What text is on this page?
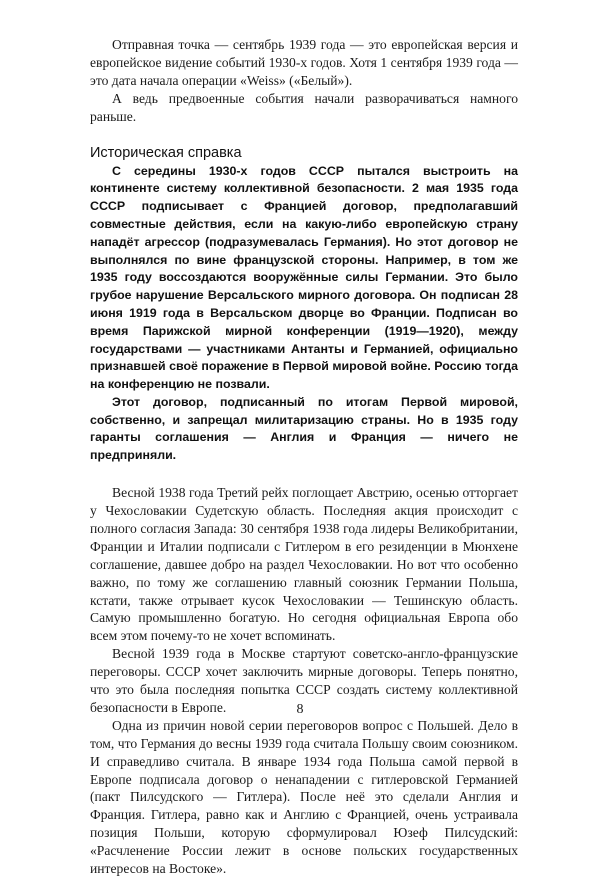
Отправная точка — сентябрь 1939 года — это европейская версия и европейское видение событий 1930-х годов. Хотя 1 сентября 1939 года — это дата начала операции «Weiss» («Белый»).

А ведь предвоенные события начали разворачиваться намного раньше.

Историческая справка

С середины 1930-х годов СССР пытался выстроить на континенте систему коллективной безопасности. 2 мая 1935 года СССР подписывает с Францией договор, предполагавший совместные действия, если на какую-либо европейскую страну нападёт агрессор (подразумевалась Германия). Но этот договор не выполнялся по вине французской стороны. Например, в том же 1935 году воссоздаются вооружённые силы Германии. Это было грубое нарушение Версальского мирного договора. Он подписан 28 июня 1919 года в Версальском дворце во Франции. Подписан во время Парижской мирной конференции (1919—1920), между государствами — участниками Антанты и Германией, официально признавшей своё поражение в Первой мировой войне. Россию тогда на конференцию не позвали.

Этот договор, подписанный по итогам Первой мировой, собственно, и запрещал милитаризацию страны. Но в 1935 году гаранты соглашения — Англия и Франция — ничего не предприняли.

Весной 1938 года Третий рейх поглощает Австрию, осенью отторгает у Чехословакии Судетскую область. Последняя акция происходит с полного согласия Запада: 30 сентября 1938 года лидеры Великобритании, Франции и Италии подписали с Гитлером в его резиденции в Мюнхене соглашение, давшее добро на раздел Чехословакии. Но вот что особенно важно, по тому же соглашению главный союзник Германии Польша, кстати, также отрывает кусок Чехословакии — Тешинскую область. Самую промышленно богатую. Но сегодня официальная Европа обо всем этом почему-то не хочет вспоминать.

Весной 1939 года в Москве стартуют советско-англо-французские переговоры. СССР хочет заключить мирные договоры. Теперь понятно, что это была последняя попытка СССР создать систему коллективной безопасности в Европе.

Одна из причин новой серии переговоров вопрос с Польшей. Дело в том, что Германия до весны 1939 года считала Польшу своим союзником. И справедливо считала. В январе 1934 года Польша самой первой в Европе подписала договор о ненападении с гитлеровской Германией (пакт Пилсудского — Гитлера). После неё это сделали Англия и Франция. Гитлера, равно как и Англию с Францией, очень устраивала позиция Польши, которую сформулировал Юзеф Пилсудский: «Расчленение России лежит в основе польских государственных интересов на Востоке».

8
